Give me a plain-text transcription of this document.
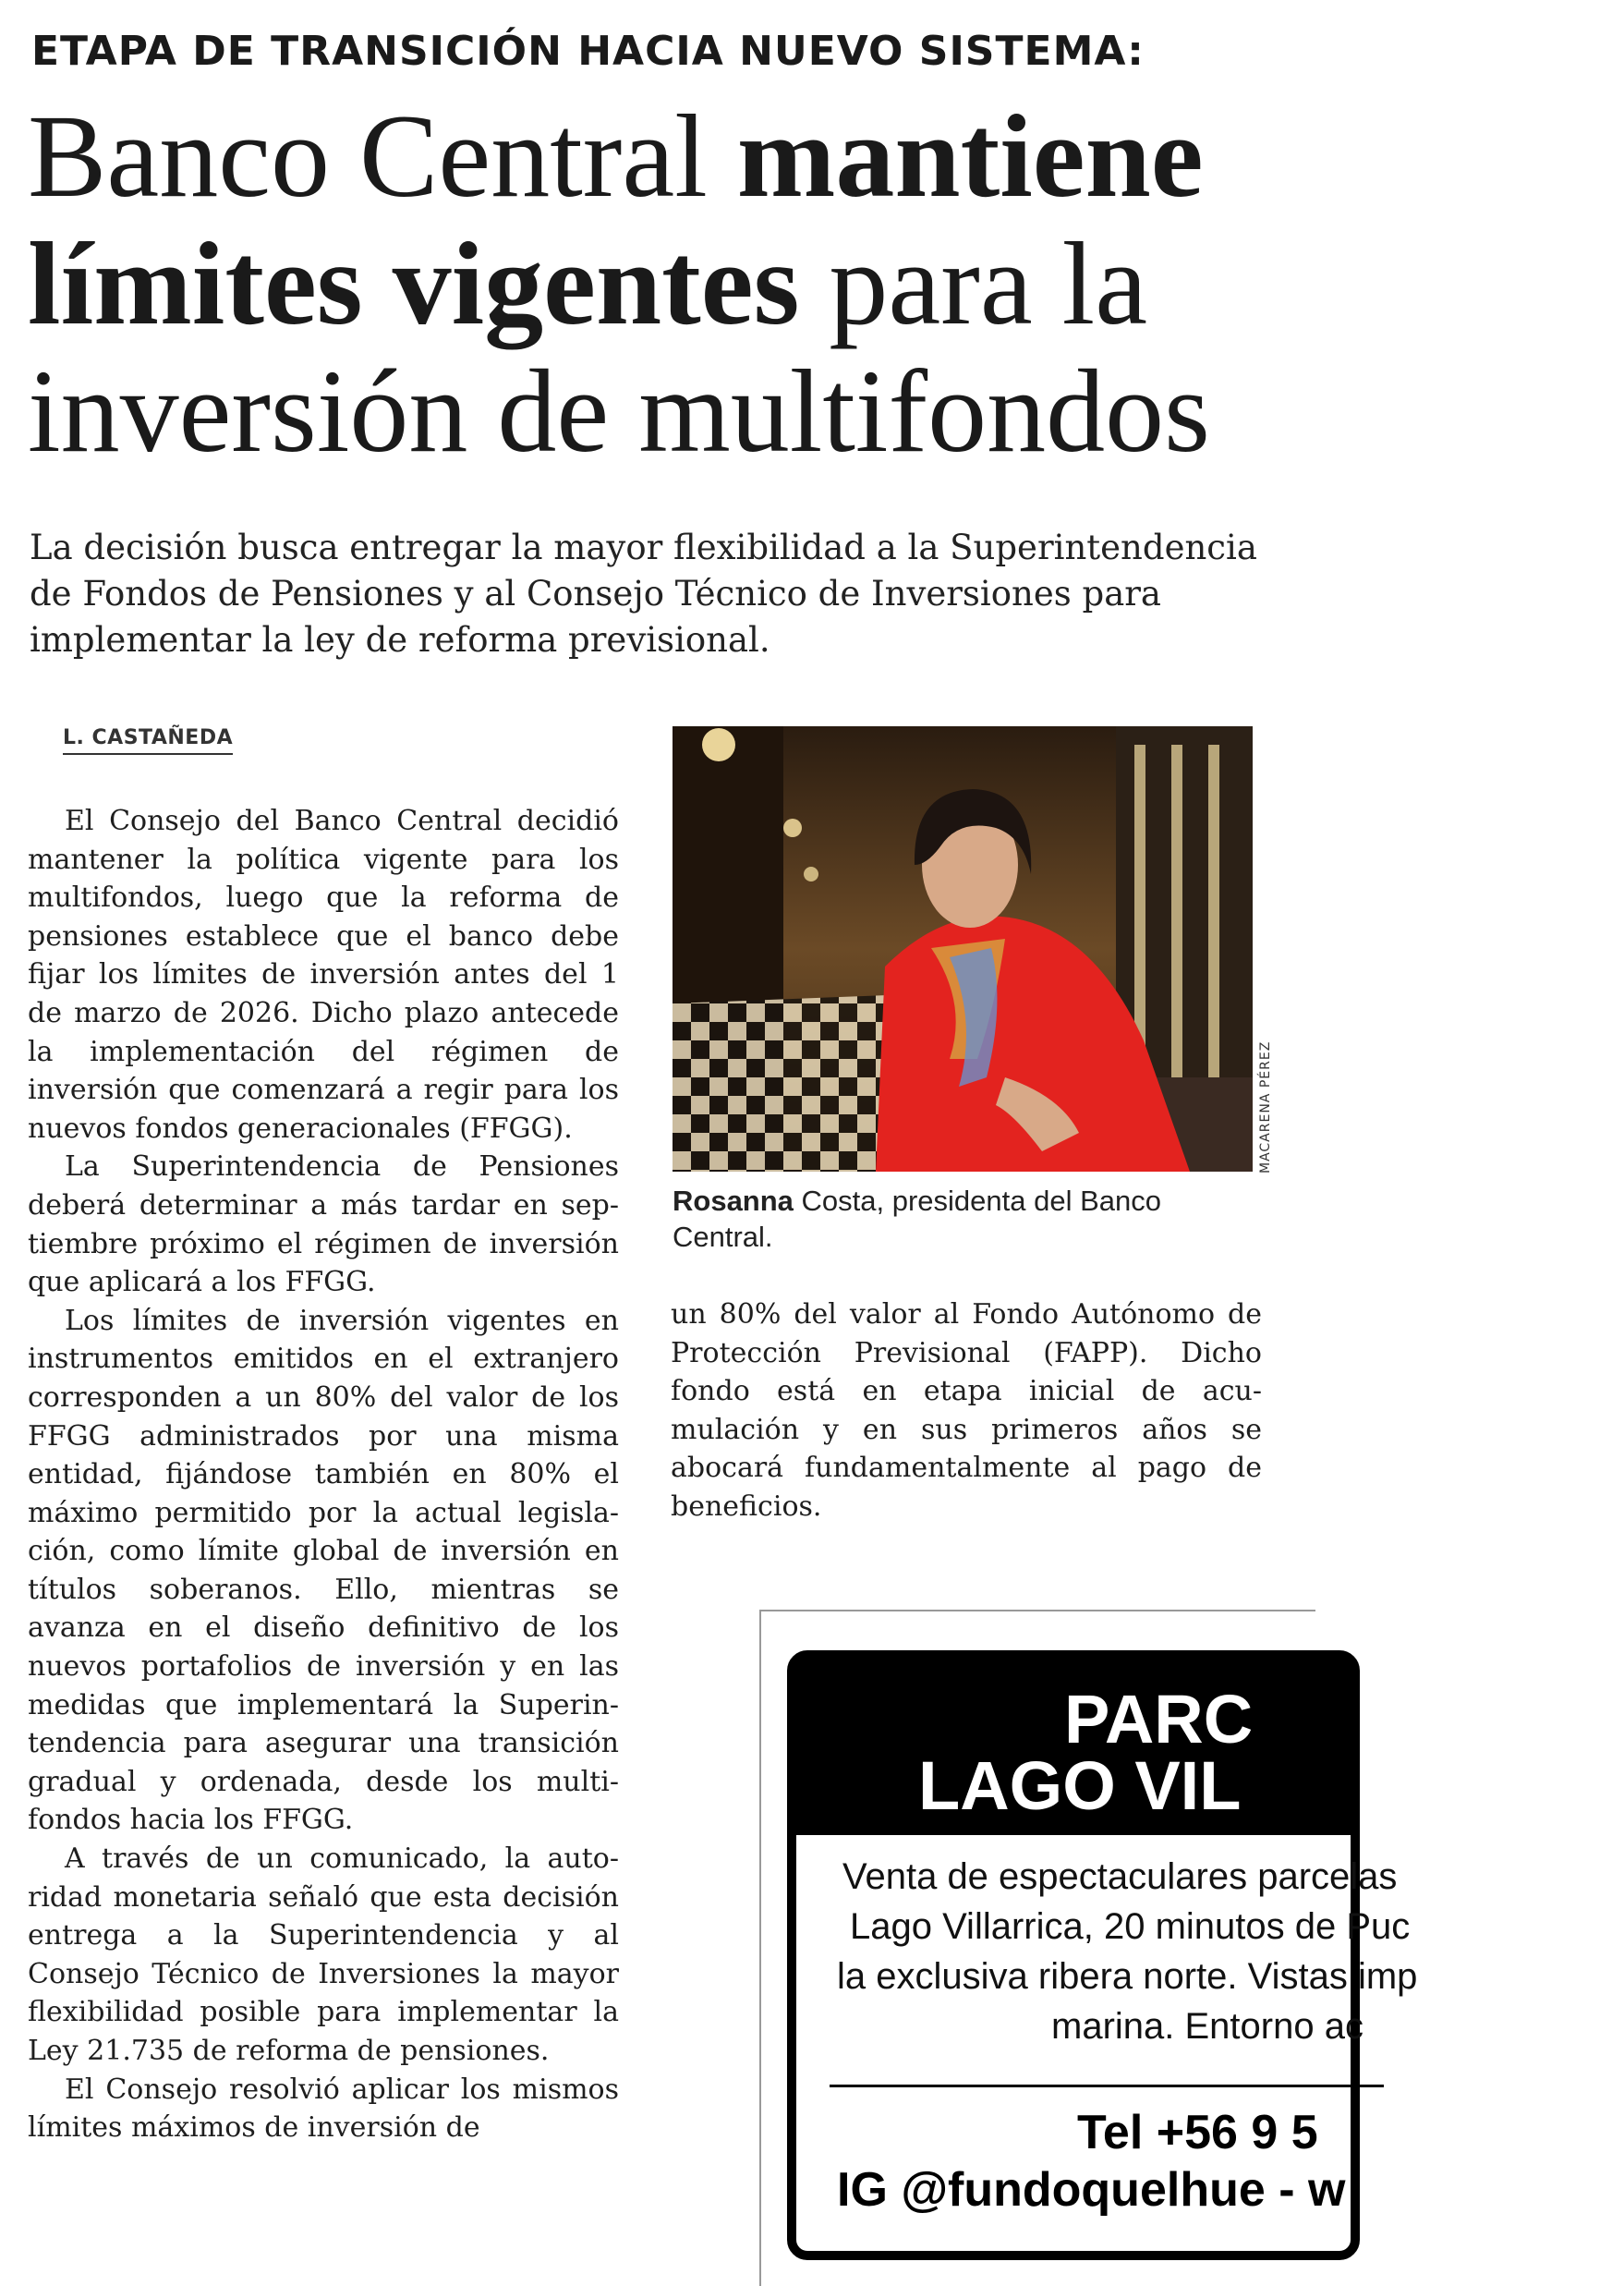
ETAPA DE TRANSICIÓN HACIA NUEVO SISTEMA:
Banco Central mantiene
límites vigentes para la
inversión de multifondos
La decisión busca entregar la mayor flexibilidad a la Superintendencia de Fondos de Pensiones y al Consejo Técnico de Inversiones para implementar la ley de reforma previsional.
L. CASTAÑEDA

El Consejo del Banco Central decidió mantener la política vigente para los multifondos, luego que la reforma de pensiones establece que el banco debe fijar los límites de inversión antes del 1 de marzo de 2026. Dicho plazo antecede la implementación del régimen de inversión que comenzará a regir para los nuevos fondos generacionales (FFGG).

La Superintendencia de Pensiones deberá determinar a más tardar en septiembre próximo el régimen de inversión que aplicará a los FFGG.

Los límites de inversión vigentes en instrumentos emitidos en el extranjero corresponden a un 80% del valor de los FFGG administrados por una misma entidad, fijándose también en 80% el máximo permitido por la actual legislación, como límite global de inversión en títulos soberanos. Ello, mientras se avanza en el diseño definitivo de los nuevos portafolios de inversión y en las medidas que implementará la Superintendencia para asegurar una transición gradual y ordenada, desde los multifondos hacia los FFGG.

A través de un comunicado, la autoridad monetaria señaló que esta decisión entrega a la Superintendencia y al Consejo Técnico de Inversiones la mayor flexibilidad posible para implementar la Ley 21.735 de reforma de pensiones.

El Consejo resolvió aplicar los mismos límites máximos de inversión de

MACARENA PÉREZ
Rosanna Costa, presidenta del Banco Central.

un 80% del valor al Fondo Autónomo de Protección Previsional (FAPP). Dicho fondo está en etapa inicial de acumulación y en sus primeros años se abocará fundamentalmente al pago de beneficios.

PARC
LAGO VIL
Venta de espectaculares parcelas
Lago Villarrica, 20 minutos de Puc
la exclusiva ribera norte. Vistas imp
marina. Entorno ac
Tel +56 9 5
IG @fundoquelhue - w
